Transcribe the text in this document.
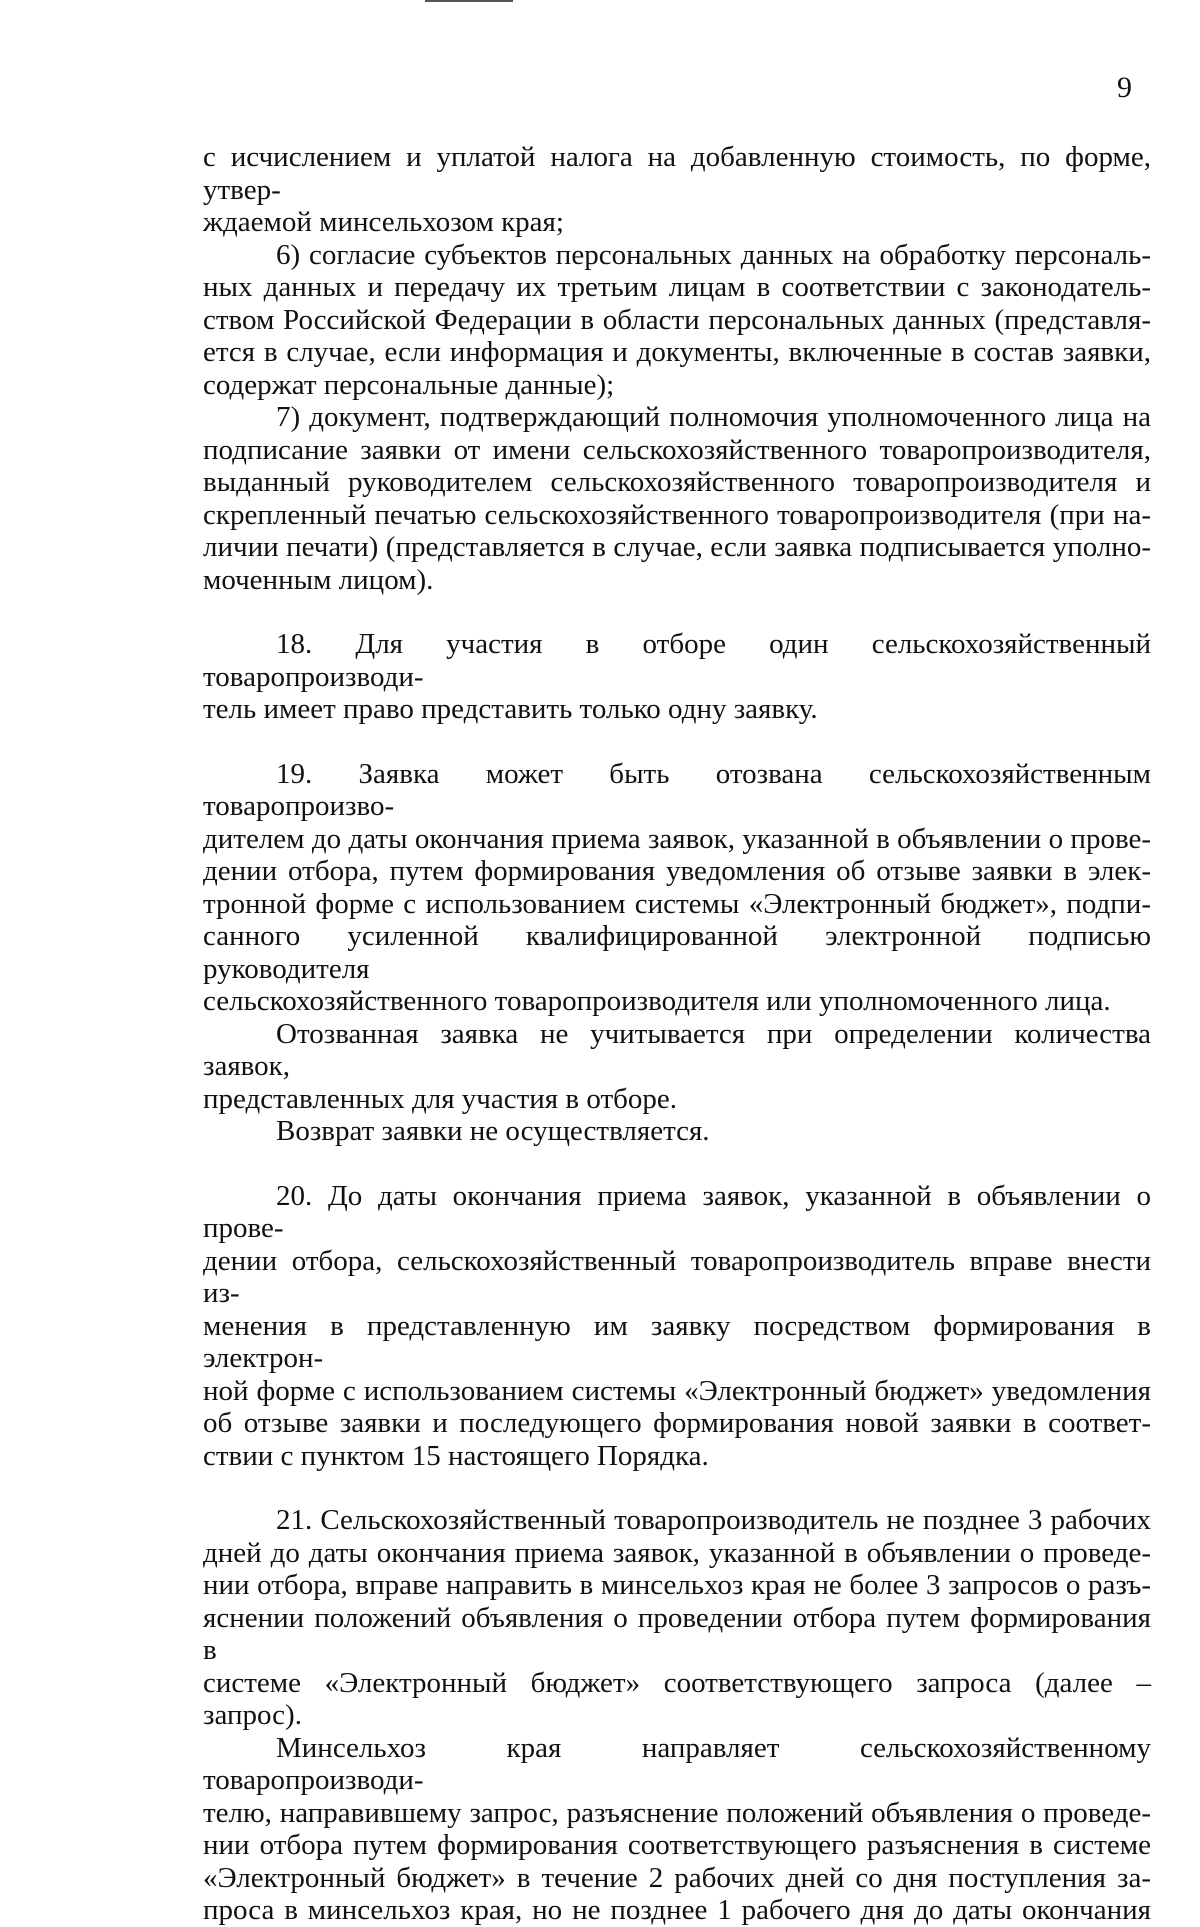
9

с исчислением и уплатой налога на добавленную стоимость, по форме, утвер-

ждаемой минсельхозом края;

6) согласие субъектов персональных данных на обработку персональ-

ных данных и передачу их третьим лицам в соответствии с законодатель-

ством Российской Федерации в области персональных данных (представля-

ется в случае, если информация и документы, включенные в состав заявки,

содержат персональные данные);

7) документ, подтверждающий полномочия уполномоченного лица на

подписание заявки от имени сельскохозяйственного товаропроизводителя,

выданный руководителем сельскохозяйственного товаропроизводителя и

скрепленный печатью сельскохозяйственного товаропроизводителя (при на-

личии печати) (представляется в случае, если заявка подписывается уполно-

моченным лицом).

18. Для участия в отборе один сельскохозяйственный товаропроизводи-

тель имеет право представить только одну заявку.

19. Заявка может быть отозвана сельскохозяйственным товаропроизво-

дителем до даты окончания приема заявок, указанной в объявлении о прове-

дении отбора, путем формирования уведомления об отзыве заявки в элек-

тронной форме с использованием системы «Электронный бюджет», подпи-

санного усиленной квалифицированной электронной подписью руководителя

сельскохозяйственного товаропроизводителя или уполномоченного лица.

Отозванная заявка не учитывается при определении количества заявок,

представленных для участия в отборе.

Возврат заявки не осуществляется.

20. До даты окончания приема заявок, указанной в объявлении о прове-

дении отбора, сельскохозяйственный товаропроизводитель вправе внести из-

менения в представленную им заявку посредством формирования в электрон-

ной форме с использованием системы «Электронный бюджет» уведомления

об отзыве заявки и последующего формирования новой заявки в соответ-

ствии с пунктом 15 настоящего Порядка.

21. Сельскохозяйственный товаропроизводитель не позднее 3 рабочих

дней до даты окончания приема заявок, указанной в объявлении о проведе-

нии отбора, вправе направить в минсельхоз края не более 3 запросов о разъ-

яснении положений объявления о проведении отбора путем формирования в

системе «Электронный бюджет» соответствующего запроса (далее – запрос).

Минсельхоз края направляет сельскохозяйственному товаропроизводи-

телю, направившему запрос, разъяснение положений объявления о проведе-

нии отбора путем формирования соответствующего разъяснения в системе

«Электронный бюджет» в течение 2 рабочих дней со дня поступления за-

проса в минсельхоз края, но не позднее 1 рабочего дня до даты окончания
